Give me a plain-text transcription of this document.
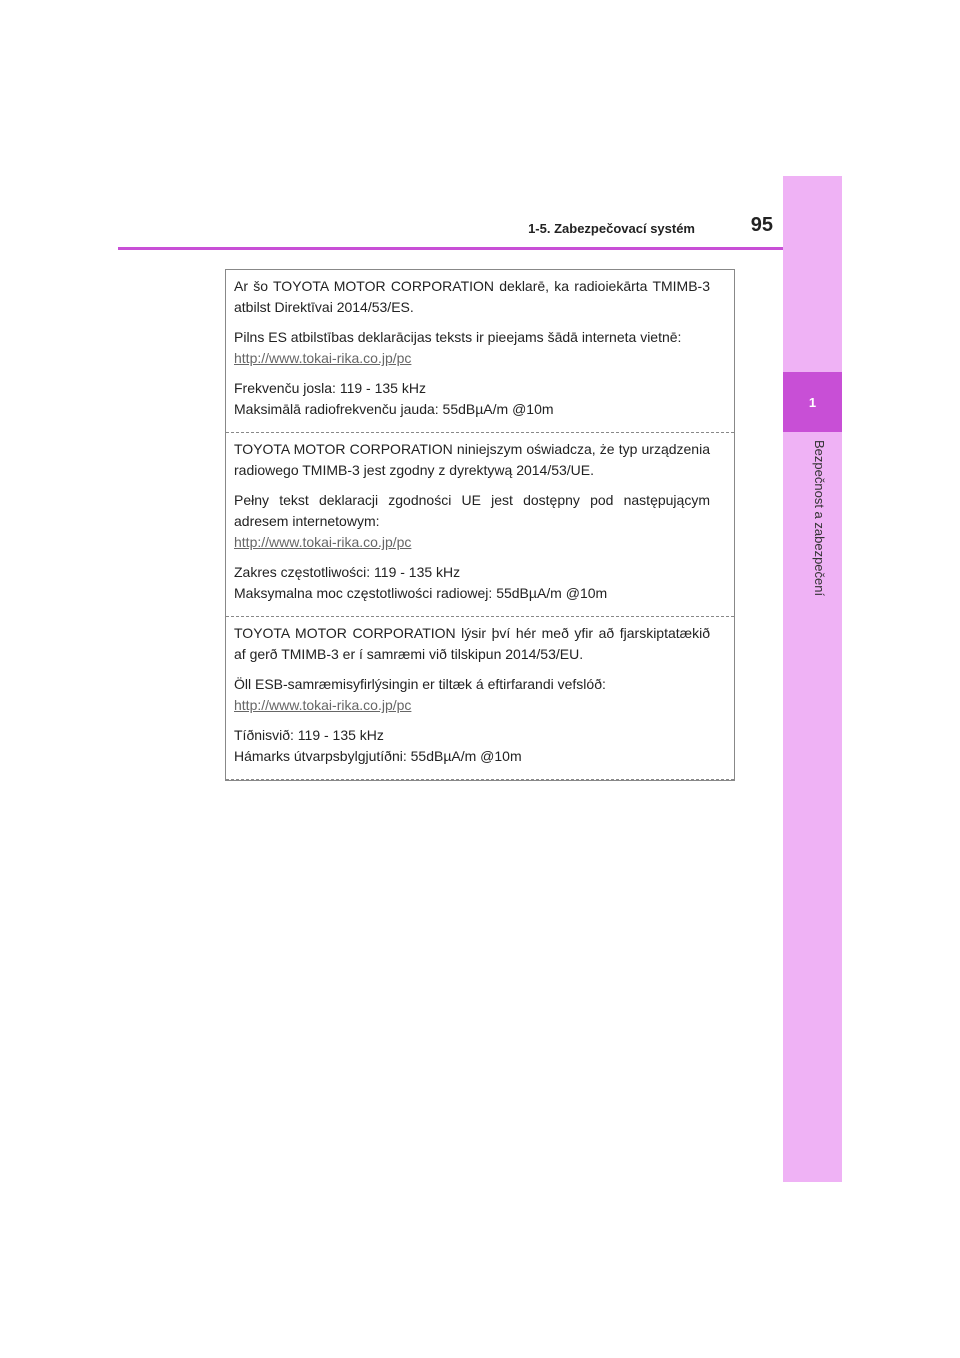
1
Bezpečnost a zabezpečení
1-5. Zabezpečovací systém	95

Ar šo TOYOTA MOTOR CORPORATION deklarē, ka radioiekārta TMIMB-3 atbilst Direktīvai 2014/53/ES.

Pilns ES atbilstības deklarācijas teksts ir pieejams šādā interneta vietnē:

http://www.tokai-rika.co.jp/pc

Frekvenču josla: 119 - 135 kHz
Maksimālā radiofrekvenču jauda: 55dBµA/m @10m

TOYOTA MOTOR CORPORATION niniejszym oświadcza, że typ urządzenia radiowego TMIMB-3 jest zgodny z dyrektywą 2014/53/UE.

Pełny tekst deklaracji zgodności UE jest dostępny pod następującym adresem internetowym:

http://www.tokai-rika.co.jp/pc

Zakres częstotliwości: 119 - 135 kHz
Maksymalna moc częstotliwości radiowej: 55dBµA/m @10m

TOYOTA MOTOR CORPORATION lýsir því hér með yfir að fjarskiptatækið af gerð TMIMB-3 er í samræmi við tilskipun 2014/53/EU.

Öll ESB-samræmisyfirlýsingin er tiltæk á eftirfarandi vefslóð:

http://www.tokai-rika.co.jp/pc

Tíðnisvið: 119 - 135 kHz
Hámarks útvarpsbylgjutíðni: 55dBµA/m @10m
